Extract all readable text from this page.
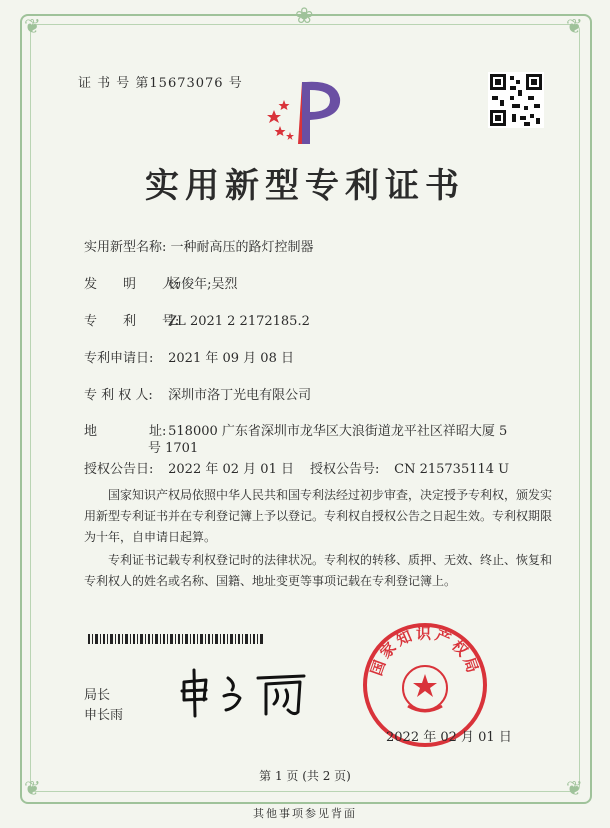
❦	❦
❦	❦
❀
证 书 号 第15673076 号
实用新型专利证书
实用新型名称: 一种耐高压的路灯控制器
发　　明　　人: 杨俊年;吴烈
专　　利　　号: ZL 2021 2 2172185.2
专利申请日: 2021 年 09 月 08 日
专 利 权 人: 深圳市洛丁光电有限公司
地　　　　址: 518000 广东省深圳市龙华区大浪街道龙平社区祥昭大厦 5
号 1701
授权公告日: 2022 年 02 月 01 日 授权公告号: CN 215735114 U
国家知识产权局依照中华人民共和国专利法经过初步审查，决定授予专利权，颁发实用新型专利证书并在专利登记簿上予以登记。专利权自授权公告之日起生效。专利权期限为十年，自申请日起算。
专利证书记载专利权登记时的法律状况。专利权的转移、质押、无效、终止、恢复和专利权人的姓名或名称、国籍、地址变更等事项记载在专利登记簿上。
局长
申长雨
国家知识产权局
2022 年 02 月 01 日
第 1 页 (共 2 页)
其他事项参见背面
